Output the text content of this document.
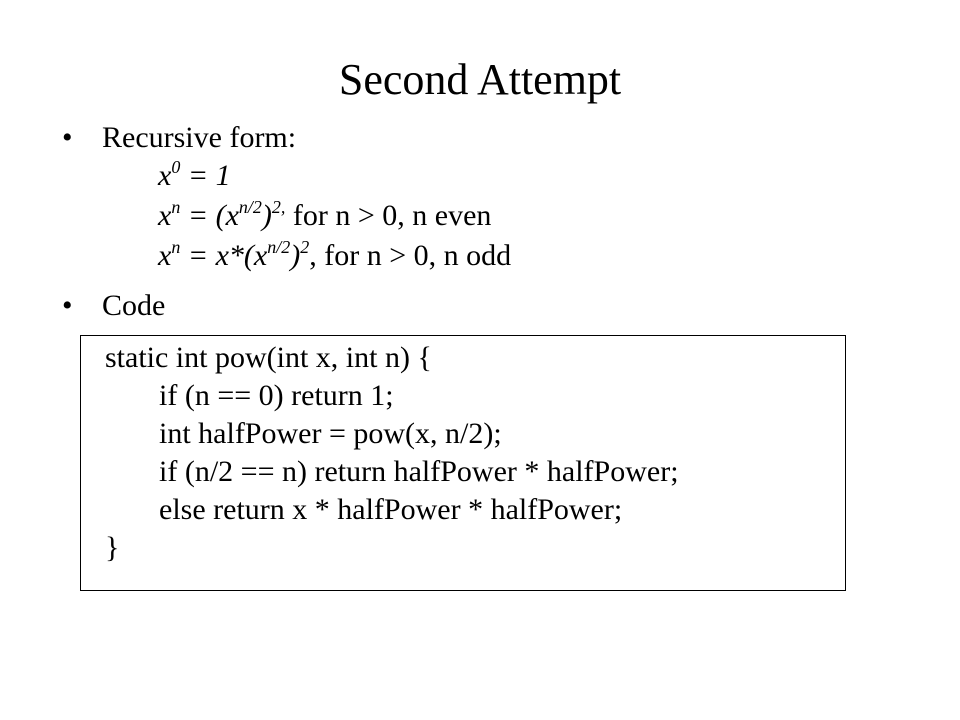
Second Attempt
• Recursive form:
$x^0 = 1$
$x^n = (x^{n/2})^{2,}$ for n > 0, n even
$x^n = x*(x^{n/2})^2$, for n > 0, n odd
• Code
static int pow(int x, int n) {
if (n == 0) return 1;
int halfPower = pow(x, n/2);
if (n/2 == n) return halfPower * halfPower;
else return x * halfPower * halfPower;
}
